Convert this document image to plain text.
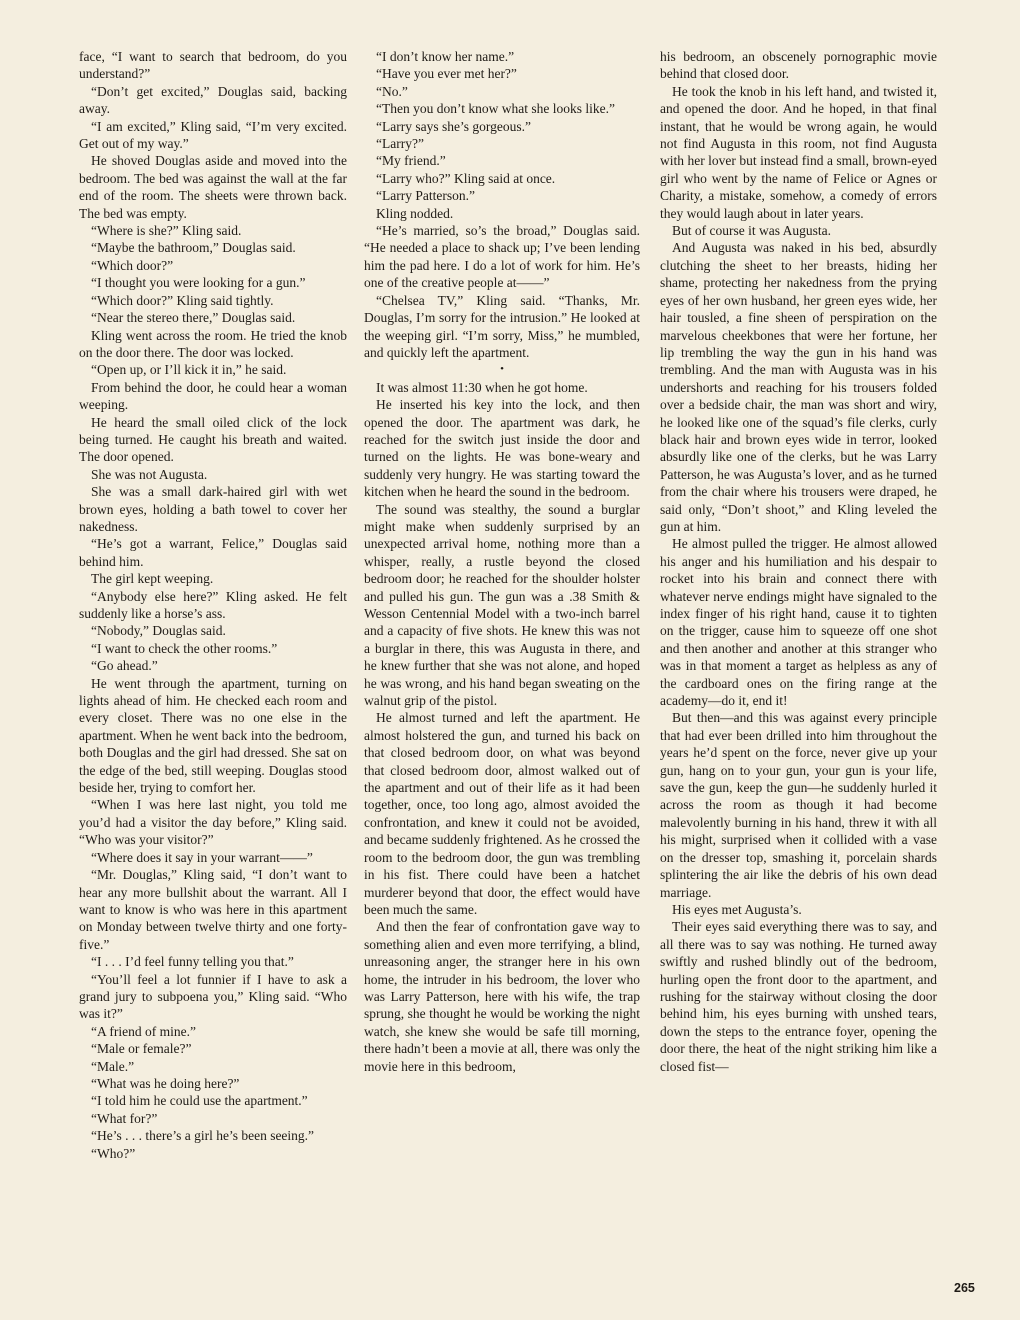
face, “I want to search that bedroom, do you understand?”

“Don’t get excited,” Douglas said, backing away.

“I am excited,” Kling said, “I’m very excited. Get out of my way.”

He shoved Douglas aside and moved into the bedroom. The bed was against the wall at the far end of the room. The sheets were thrown back. The bed was empty.

“Where is she?” Kling said.

“Maybe the bathroom,” Douglas said.

“Which door?”

“I thought you were looking for a gun.”

“Which door?” Kling said tightly.

“Near the stereo there,” Douglas said.

Kling went across the room. He tried the knob on the door there. The door was locked.

“Open up, or I’ll kick it in,” he said.

From behind the door, he could hear a woman weeping.

He heard the small oiled click of the lock being turned. He caught his breath and waited. The door opened.

She was not Augusta.

She was a small dark-haired girl with wet brown eyes, holding a bath towel to cover her nakedness.

“He’s got a warrant, Felice,” Douglas said behind him.

The girl kept weeping.

“Anybody else here?” Kling asked. He felt suddenly like a horse’s ass.

“Nobody,” Douglas said.

“I want to check the other rooms.”

“Go ahead.”

He went through the apartment, turning on lights ahead of him. He checked each room and every closet. There was no one else in the apartment. When he went back into the bedroom, both Douglas and the girl had dressed. She sat on the edge of the bed, still weeping. Douglas stood beside her, trying to comfort her.

“When I was here last night, you told me you’d had a visitor the day before,” Kling said. “Who was your visitor?”

“Where does it say in your warrant——”

“Mr. Douglas,” Kling said, “I don’t want to hear any more bullshit about the warrant. All I want to know is who was here in this apartment on Monday between twelve thirty and one forty-five.”

“I . . . I’d feel funny telling you that.”

“You’ll feel a lot funnier if I have to ask a grand jury to subpoena you,” Kling said. “Who was it?”

“A friend of mine.”

“Male or female?”

“Male.”

“What was he doing here?”

“I told him he could use the apartment.”

“What for?”

“He’s . . . there’s a girl he’s been seeing.”

“Who?”

“I don’t know her name.”

“Have you ever met her?”

“No.”

“Then you don’t know what she looks like.”

“Larry says she’s gorgeous.”

“Larry?”

“My friend.”

“Larry who?” Kling said at once.

“Larry Patterson.”

Kling nodded.

“He’s married, so’s the broad,” Douglas said. “He needed a place to shack up; I’ve been lending him the pad here. I do a lot of work for him. He’s one of the creative people at——”

“Chelsea TV,” Kling said. “Thanks, Mr. Douglas, I’m sorry for the intrusion.” He looked at the weeping girl. “I’m sorry, Miss,” he mumbled, and quickly left the apartment.

•

It was almost 11:30 when he got home.

He inserted his key into the lock, and then opened the door. The apartment was dark, he reached for the switch just inside the door and turned on the lights. He was bone-weary and suddenly very hungry. He was starting toward the kitchen when he heard the sound in the bedroom.

The sound was stealthy, the sound a burglar might make when suddenly surprised by an unexpected arrival home, nothing more than a whisper, really, a rustle beyond the closed bedroom door; he reached for the shoulder holster and pulled his gun. The gun was a .38 Smith & Wesson Centennial Model with a two-inch barrel and a capacity of five shots. He knew this was not a burglar in there, this was Augusta in there, and he knew further that she was not alone, and hoped he was wrong, and his hand began sweating on the walnut grip of the pistol.

He almost turned and left the apartment. He almost holstered the gun, and turned his back on that closed bedroom door, on what was beyond that closed bedroom door, almost walked out of the apartment and out of their life as it had been together, once, too long ago, almost avoided the confrontation, and knew it could not be avoided, and became suddenly frightened. As he crossed the room to the bedroom door, the gun was trembling in his fist. There could have been a hatchet murderer beyond that door, the effect would have been much the same.

And then the fear of confrontation gave way to something alien and even more terrifying, a blind, unreasoning anger, the stranger here in his own home, the intruder in his bedroom, the lover who was Larry Patterson, here with his wife, the trap sprung, she thought he would be working the night watch, she knew she would be safe till morning, there hadn’t been a movie at all, there was only the movie here in this bedroom,

his bedroom, an obscenely pornographic movie behind that closed door.

He took the knob in his left hand, and twisted it, and opened the door. And he hoped, in that final instant, that he would be wrong again, he would not find Augusta in this room, not find Augusta with her lover but instead find a small, brown-eyed girl who went by the name of Felice or Agnes or Charity, a mistake, somehow, a comedy of errors they would laugh about in later years.

But of course it was Augusta.

And Augusta was naked in his bed, absurdly clutching the sheet to her breasts, hiding her shame, protecting her nakedness from the prying eyes of her own husband, her green eyes wide, her hair tousled, a fine sheen of perspiration on the marvelous cheekbones that were her fortune, her lip trembling the way the gun in his hand was trembling. And the man with Augusta was in his undershorts and reaching for his trousers folded over a bedside chair, the man was short and wiry, he looked like one of the squad’s file clerks, curly black hair and brown eyes wide in terror, looked absurdly like one of the clerks, but he was Larry Patterson, he was Augusta’s lover, and as he turned from the chair where his trousers were draped, he said only, “Don’t shoot,” and Kling leveled the gun at him.

He almost pulled the trigger. He almost allowed his anger and his humiliation and his despair to rocket into his brain and connect there with whatever nerve endings might have signaled to the index finger of his right hand, cause it to tighten on the trigger, cause him to squeeze off one shot and then another and another at this stranger who was in that moment a target as helpless as any of the cardboard ones on the firing range at the academy—do it, end it!

But then—and this was against every principle that had ever been drilled into him throughout the years he’d spent on the force, never give up your gun, hang on to your gun, your gun is your life, save the gun, keep the gun—he suddenly hurled it across the room as though it had become malevolently burning in his hand, threw it with all his might, surprised when it collided with a vase on the dresser top, smashing it, porcelain shards splintering the air like the debris of his own dead marriage.

His eyes met Augusta’s.

Their eyes said everything there was to say, and all there was to say was nothing. He turned away swiftly and rushed blindly out of the bedroom, hurling open the front door to the apartment, and rushing for the stairway without closing the door behind him, his eyes burning with unshed tears, down the steps to the entrance foyer, opening the door there, the heat of the night striking him like a closed fist—

265
